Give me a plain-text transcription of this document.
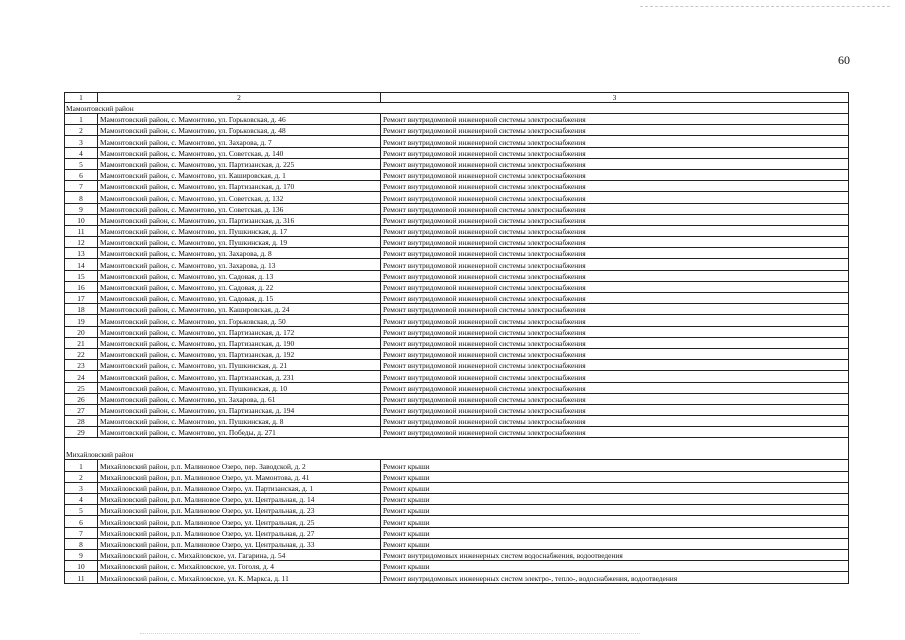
60
1	2	3
Мамонтовский район		
1	Мамонтовский район, с. Мамонтово, ул. Горьковская, д. 46	Ремонт внутридомовой инженерной системы электроснабжения
2	Мамонтовский район, с. Мамонтово, ул. Горьковская, д. 48	Ремонт внутридомовой инженерной системы электроснабжения
3	Мамонтовский район, с. Мамонтово, ул. Захарова, д. 7	Ремонт внутридомовой инженерной системы электроснабжения
4	Мамонтовский район, с. Мамонтово, ул. Советская, д. 140	Ремонт внутридомовой инженерной системы электроснабжения
5	Мамонтовский район, с. Мамонтово, ул. Партизанская, д. 225	Ремонт внутридомовой инженерной системы электроснабжения
6	Мамонтовский район, с. Мамонтово, ул. Кашировская, д. 1	Ремонт внутридомовой инженерной системы электроснабжения
7	Мамонтовский район, с. Мамонтово, ул. Партизанская, д. 170	Ремонт внутридомовой инженерной системы электроснабжения
8	Мамонтовский район, с. Мамонтово, ул. Советская, д. 132	Ремонт внутридомовой инженерной системы электроснабжения
9	Мамонтовский район, с. Мамонтово, ул. Советская, д. 136	Ремонт внутридомовой инженерной системы электроснабжения
10	Мамонтовский район, с. Мамонтово, ул. Партизанская, д. 316	Ремонт внутридомовой инженерной системы электроснабжения
11	Мамонтовский район, с. Мамонтово, ул. Пушкинская, д. 17	Ремонт внутридомовой инженерной системы электроснабжения
12	Мамонтовский район, с. Мамонтово, ул. Пушкинская, д. 19	Ремонт внутридомовой инженерной системы электроснабжения
13	Мамонтовский район, с. Мамонтово, ул. Захарова, д. 8	Ремонт внутридомовой инженерной системы электроснабжения
14	Мамонтовский район, с. Мамонтово, ул. Захарова, д. 13	Ремонт внутридомовой инженерной системы электроснабжения
15	Мамонтовский район, с. Мамонтово, ул. Садовая, д. 13	Ремонт внутридомовой инженерной системы электроснабжения
16	Мамонтовский район, с. Мамонтово, ул. Садовая, д. 22	Ремонт внутридомовой инженерной системы электроснабжения
17	Мамонтовский район, с. Мамонтово, ул. Садовая, д. 15	Ремонт внутридомовой инженерной системы электроснабжения
18	Мамонтовский район, с. Мамонтово, ул. Кашировская, д. 24	Ремонт внутридомовой инженерной системы электроснабжения
19	Мамонтовский район, с. Мамонтово, ул. Горьковская, д. 50	Ремонт внутридомовой инженерной системы электроснабжения
20	Мамонтовский район, с. Мамонтово, ул. Партизанская, д. 172	Ремонт внутридомовой инженерной системы электроснабжения
21	Мамонтовский район, с. Мамонтово, ул. Партизанская, д. 190	Ремонт внутридомовой инженерной системы электроснабжения
22	Мамонтовский район, с. Мамонтово, ул. Партизанская, д. 192	Ремонт внутридомовой инженерной системы электроснабжения
23	Мамонтовский район, с. Мамонтово, ул. Пушкинская, д. 21	Ремонт внутридомовой инженерной системы электроснабжения
24	Мамонтовский район, с. Мамонтово, ул. Партизанская, д. 231	Ремонт внутридомовой инженерной системы электроснабжения
25	Мамонтовский район, с. Мамонтово, ул. Пушкинская, д. 10	Ремонт внутридомовой инженерной системы электроснабжения
26	Мамонтовский район, с. Мамонтово, ул. Захарова, д. 61	Ремонт внутридомовой инженерной системы электроснабжения
27	Мамонтовский район, с. Мамонтово, ул. Партизанская, д. 194	Ремонт внутридомовой инженерной системы электроснабжения
28	Мамонтовский район, с. Мамонтово, ул. Пушкинская, д. 8	Ремонт внутридомовой инженерной системы электроснабжения
29	Мамонтовский район, с. Мамонтово, ул. Победы, д. 271	Ремонт внутридомовой инженерной системы электроснабжения

Михайловский район		
1	Михайловский район, р.п. Малиновое Озеро, пер. Заводской, д. 2	Ремонт крыши
2	Михайловский район, р.п. Малиновое Озеро, ул. Мамонтова, д. 41	Ремонт крыши
3	Михайловский район, р.п. Малиновое Озеро, ул. Партизанская, д. 1	Ремонт крыши
4	Михайловский район, р.п. Малиновое Озеро, ул. Центральная, д. 14	Ремонт крыши
5	Михайловский район, р.п. Малиновое Озеро, ул. Центральная, д. 23	Ремонт крыши
6	Михайловский район, р.п. Малиновое Озеро, ул. Центральная, д. 25	Ремонт крыши
7	Михайловский район, р.п. Малиновое Озеро, ул. Центральная, д. 27	Ремонт крыши
8	Михайловский район, р.п. Малиновое Озеро, ул. Центральная, д. 33	Ремонт крыши
9	Михайловский район, с. Михайловское, ул. Гагарина, д. 54	Ремонт внутридомовых инженерных систем водоснабжения, водоотведения
10	Михайловский район, с. Михайловское, ул. Гоголя, д. 4	Ремонт крыши
11	Михайловский район, с. Михайловское, ул. К. Маркса, д. 11	Ремонт внутридомовых инженерных систем электро-, тепло-, водоснабжения, водоотведения
